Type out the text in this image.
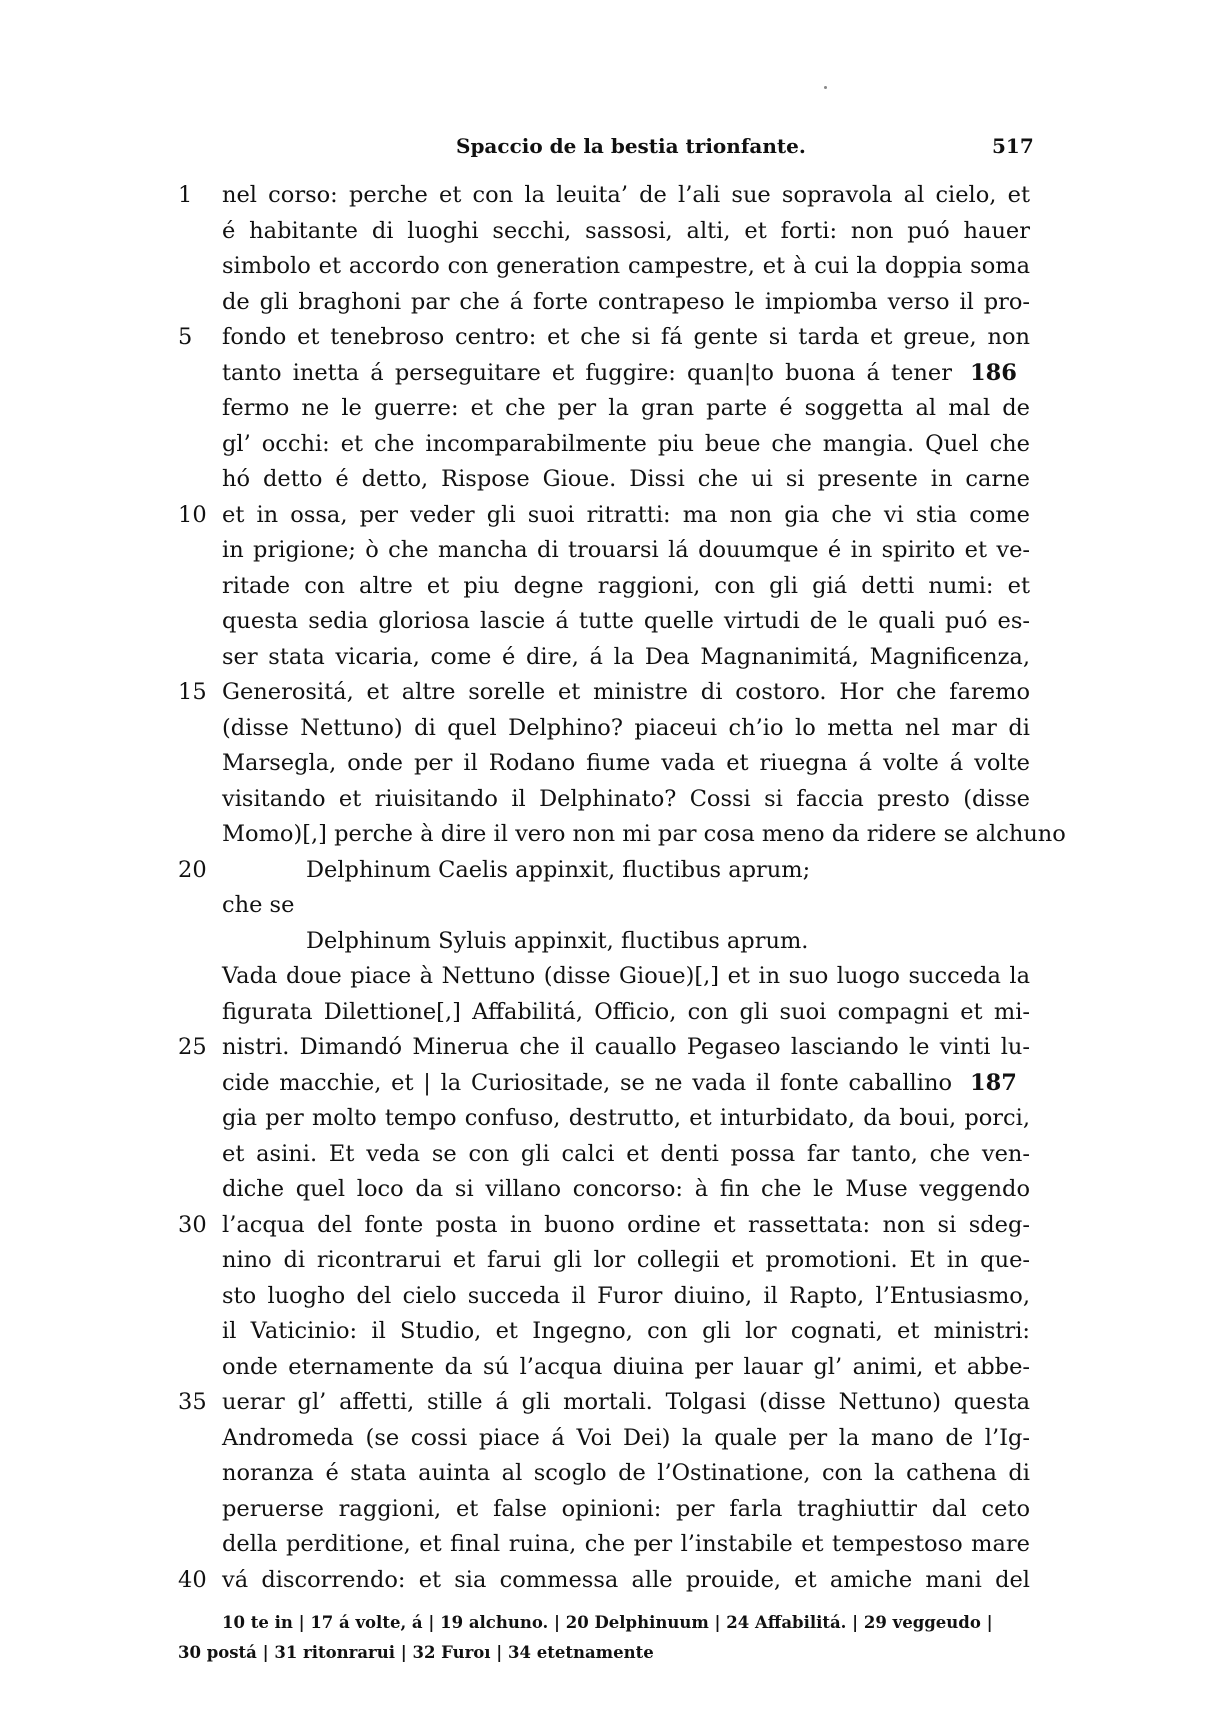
Spaccio de la bestia trionfante.	517
1	nel corso: perche et con la leuita’ de l’ali sue sopravola al cielo, et
é habitante di luoghi secchi, sassosi, alti, et forti: non puó hauer
simbolo et accordo con generation campestre, et à cui la doppia soma
de gli braghoni par che á forte contrapeso le impiomba verso il pro-
5	fondo et tenebroso centro: et che si fá gente si tarda et greue, non
tanto inetta á perseguitare et fuggire: quan|to buona á tener 186
fermo ne le guerre: et che per la gran parte é soggetta al mal de
gl’ occhi: et che incomparabilmente piu beue che mangia. Quel che
hó detto é detto, Rispose Gioue. Dissi che ui si presente in carne
10 et in ossa, per veder gli suoi ritratti: ma non gia che vi stia come
in prigione; ò che mancha di trouarsi lá douumque é in spirito et ve-
ritade con altre et piu degne raggioni, con gli giá detti numi: et
questa sedia gloriosa lascie á tutte quelle virtudi de le quali puó es-
ser stata vicaria, come é dire, á la Dea Magnanimitá, Magnificenza,
15 Generositá, et altre sorelle et ministre di costoro. Hor che faremo
(disse Nettuno) di quel Delphino? piaceui ch’io lo metta nel mar di
Marsegla, onde per il Rodano fiume vada et riuegna á volte á volte
visitando et riuisitando il Delphinato? Cossi si faccia presto (disse
Momo)[,] perche à dire il vero non mi par cosa meno da ridere se alchuno
20	Delphinum Caelis appinxit, fluctibus aprum;
che se
Delphinum Syluis appinxit, fluctibus aprum.
Vada doue piace à Nettuno (disse Gioue)[,] et in suo luogo succeda la
figurata Dilettione[,] Affabilitá, Officio, con gli suoi compagni et mi-
25 nistri. Dimandó Minerua che il cauallo Pegaseo lasciando le vinti lu-
cide macchie, et | la Curiositade, se ne vada il fonte caballino 187
gia per molto tempo confuso, destrutto, et inturbidato, da boui, porci,
et asini. Et veda se con gli calci et denti possa far tanto, che ven-
diche quel loco da si villano concorso: à fin che le Muse veggendo
30 l’acqua del fonte posta in buono ordine et rassettata: non si sdeg-
nino di ricontrarui et farui gli lor collegii et promotioni. Et in que-
sto luogho del cielo succeda il Furor diuino, il Rapto, l’Entusiasmo,
il Vaticinio: il Studio, et Ingegno, con gli lor cognati, et ministri:
onde eternamente da sú l’acqua diuina per lauar gl’ animi, et abbe-
35 uerar gl’ affetti, stille á gli mortali. Tolgasi (disse Nettuno) questa
Andromeda (se cossi piace á Voi Dei) la quale per la mano de l’Ig-
noranza é stata auinta al scoglo de l’Ostinatione, con la cathena di
peruerse raggioni, et false opinioni: per farla traghiuttir dal ceto
della perditione, et final ruina, che per l’instabile et tempestoso mare
40 vá discorrendo: et sia commessa alle prouide, et amiche mani del
10 te in | 17 á volte, á | 19 alchuno. | 20 Delphinuum | 24 Affabilitá. | 29 veggeudo |
30 postá | 31 ritonrarui | 32 Furoı | 34 etetnamente
